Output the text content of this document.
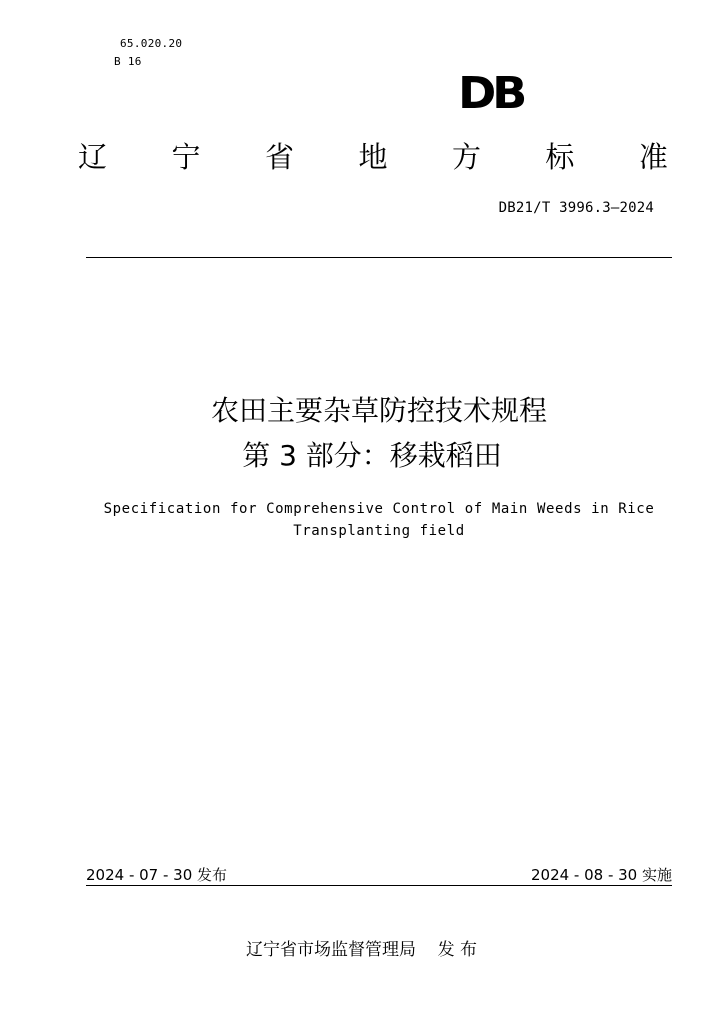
65.020.20
B 16
DB
辽 宁 省 地 方 标 准
DB21/T 3996.3—2024
农田主要杂草防控技术规程
第 3 部分：移栽稻田
Specification for Comprehensive Control of Main Weeds in Rice
Transplanting field
2024 - 07 - 30 发布	2024 - 08 - 30 实施
辽宁省市场监督管理局    发 布
